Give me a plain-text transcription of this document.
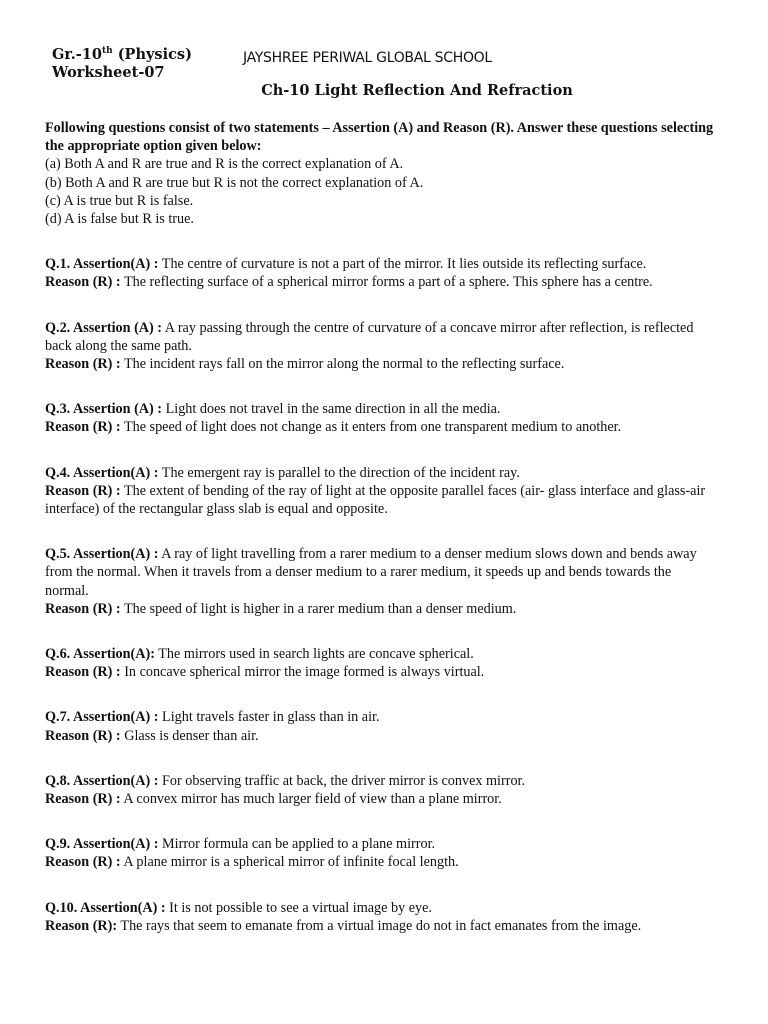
Gr.-10th (Physics)
Worksheet-07
JAYSHREE PERIWAL GLOBAL SCHOOL
Ch-10 Light Reflection And Refraction

Following questions consist of two statements – Assertion (A) and Reason (R). Answer these questions selecting the appropriate option given below:

(a) Both A and R are true and R is the correct explanation of A.

(b) Both A and R are true but R is not the correct explanation of A.

(c) A is true but R is false.

(d) A is false but R is true.

Q.1. Assertion(A) : The centre of curvature is not a part of the mirror. It lies outside its reflecting surface.
Reason (R) : The reflecting surface of a spherical mirror forms a part of a sphere. This sphere has a centre.

Q.2. Assertion (A) : A ray passing through the centre of curvature of a concave mirror after reflection, is reflected back along the same path.
Reason (R) : The incident rays fall on the mirror along the normal to the reflecting surface.

Q.3. Assertion (A) : Light does not travel in the same direction in all the media.
Reason (R) : The speed of light does not change as it enters from one transparent medium to another.

Q.4. Assertion(A) : The emergent ray is parallel to the direction of the incident ray.
Reason (R) : The extent of bending of the ray of light at the opposite parallel faces (air- glass interface and glass-air interface) of the rectangular glass slab is equal and opposite.

Q.5. Assertion(A) : A ray of light travelling from a rarer medium to a denser medium slows down and bends away from the normal. When it travels from a denser medium to a rarer medium, it speeds up and bends towards the normal.
Reason (R) : The speed of light is higher in a rarer medium than a denser medium.

Q.6. Assertion(A): The mirrors used in search lights are concave spherical.
Reason (R) : In concave spherical mirror the image formed is always virtual.

Q.7. Assertion(A) : Light travels faster in glass than in air.
Reason (R) : Glass is denser than air.

Q.8. Assertion(A) : For observing traffic at back, the driver mirror is convex mirror.
Reason (R) : A convex mirror has much larger field of view than a plane mirror.

Q.9. Assertion(A) : Mirror formula can be applied to a plane mirror.
Reason (R) : A plane mirror is a spherical mirror of infinite focal length.

Q.10. Assertion(A) : It is not possible to see a virtual image by eye.
Reason (R): The rays that seem to emanate from a virtual image do not in fact emanates from the image.
